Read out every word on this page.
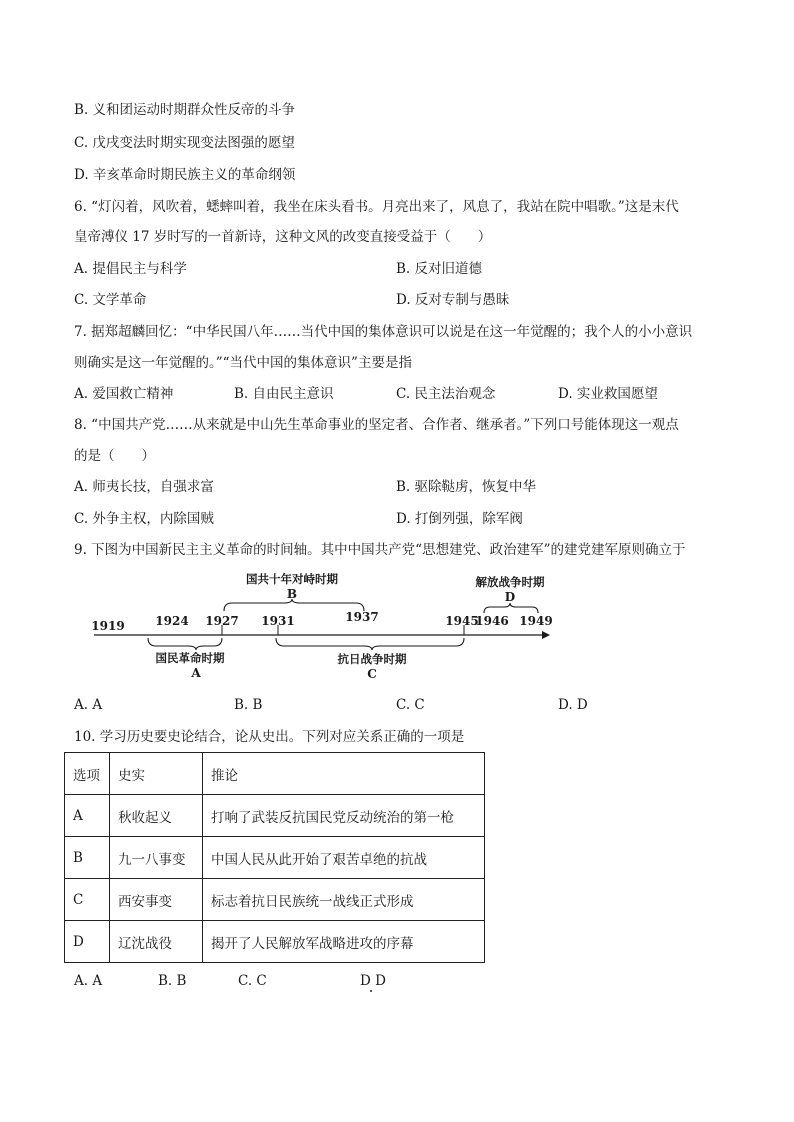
B. 义和团运动时期群众性反帝的斗争
C. 戊戌变法时期实现变法图强的愿望
D. 辛亥革命时期民族主义的革命纲领
6. “灯闪着，风吹着，蟋蟀叫着，我坐在床头看书。月亮出来了，风息了，我站在院中唱歌。”这是末代
皇帝溥仪 17 岁时写的一首新诗，这种文风的改变直接受益于（　　）
A. 提倡民主与科学	B. 反对旧道德
C. 文学革命	D. 反对专制与愚昧
7. 据郑超麟回忆：“中华民国八年……当代中国的集体意识可以说是在这一年觉醒的；我个人的小小意识
则确实是这一年觉醒的。”“当代中国的集体意识”主要是指
A. 爱国救亡精神	B. 自由民主意识	C. 民主法治观念	D. 实业救国愿望
8. “中国共产党……从来就是中山先生革命事业的坚定者、合作者、继承者。”下列口号能体现这一观点
的是（　　）
A. 师夷长技，自强求富	B. 驱除鞑虏，恢复中华
C. 外争主权，内除国贼	D. 打倒列强，除军阀
9. 下图为中国新民主主义革命的时间轴。其中中国共产党“思想建党、政治建军”的建党建军原则确立于
1919	1924 1927 1931	1937	1945
1946 1949
国共十年对峙时期
B
解放战争时期
D
国民革命时期
A
抗日战争时期
C
A. A	B. B	C. C	D. D
10. 学习历史要史论结合，论从史出。下列对应关系正确的一项是
选项	史实	推论
A	秋收起义	打响了武装反抗国民党反动统治的第一枪
B	九一八事变	中国人民从此开始了艰苦卓绝的抗战
C	西安事变	标志着抗日民族统一战线正式形成
D	辽沈战役	揭开了人民解放军战略进攻的序幕
A. A	B. B	C. C	D D
